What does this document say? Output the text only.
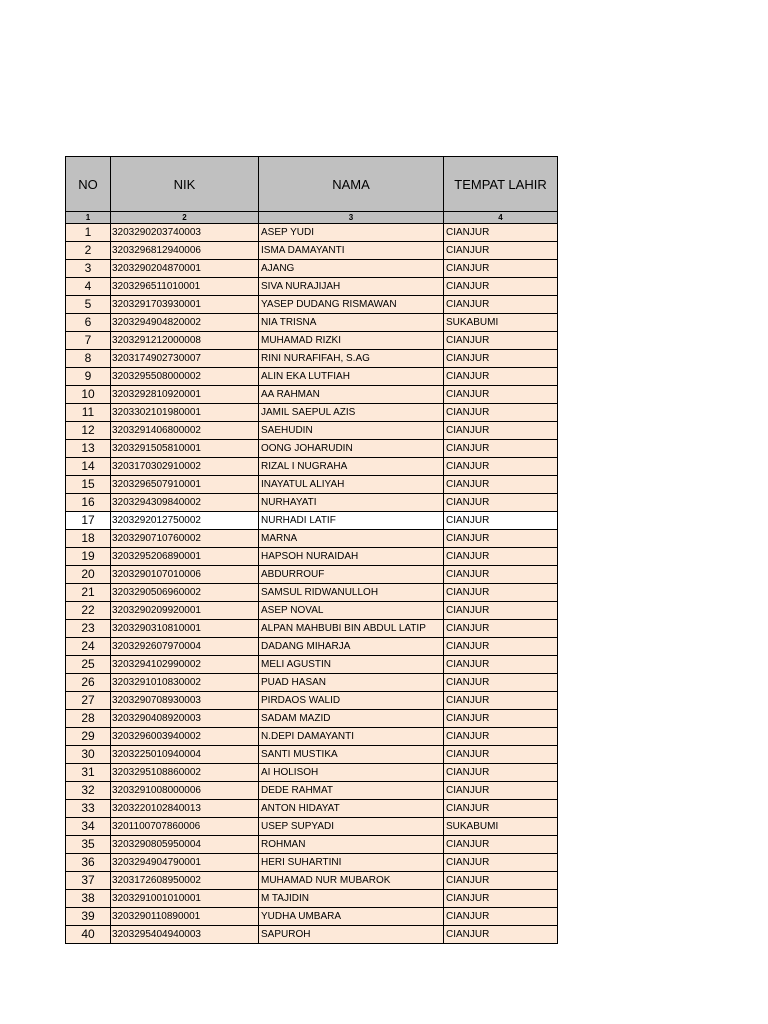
NO	NIK	NAMA	TEMPAT LAHIR
1	2	3	4
1	3203290203740003	ASEP YUDI	CIANJUR
2	3203296812940006	ISMA DAMAYANTI	CIANJUR
3	3203290204870001	AJANG	CIANJUR
4	3203296511010001	SIVA NURAJIJAH	CIANJUR
5	3203291703930001	YASEP DUDANG RISMAWAN	CIANJUR
6	3203294904820002	NIA TRISNA	SUKABUMI
7	3203291212000008	MUHAMAD RIZKI	CIANJUR
8	3203174902730007	RINI NURAFIFAH, S.AG	CIANJUR
9	3203295508000002	ALIN EKA LUTFIAH	CIANJUR
10	3203292810920001	AA RAHMAN	CIANJUR
11	3203302101980001	JAMIL SAEPUL AZIS	CIANJUR
12	3203291406800002	SAEHUDIN	CIANJUR
13	3203291505810001	OONG JOHARUDIN	CIANJUR
14	3203170302910002	RIZAL I NUGRAHA	CIANJUR
15	3203296507910001	INAYATUL ALIYAH	CIANJUR
16	3203294309840002	NURHAYATI	CIANJUR
17	3203292012750002	NURHADI LATIF	CIANJUR
18	3203290710760002	MARNA	CIANJUR
19	3203295206890001	HAPSOH NURAIDAH	CIANJUR
20	3203290107010006	ABDURROUF	CIANJUR
21	3203290506960002	SAMSUL RIDWANULLOH	CIANJUR
22	3203290209920001	ASEP NOVAL	CIANJUR
23	3203290310810001	ALPAN MAHBUBI BIN ABDUL LATIP	CIANJUR
24	3203292607970004	DADANG MIHARJA	CIANJUR
25	3203294102990002	MELI AGUSTIN	CIANJUR
26	3203291010830002	PUAD HASAN	CIANJUR
27	3203290708930003	PIRDAOS WALID	CIANJUR
28	3203290408920003	SADAM MAZID	CIANJUR
29	3203296003940002	N.DEPI DAMAYANTI	CIANJUR
30	3203225010940004	SANTI MUSTIKA	CIANJUR
31	3203295108860002	AI HOLISOH	CIANJUR
32	3203291008000006	DEDE RAHMAT	CIANJUR
33	3203220102840013	ANTON HIDAYAT	CIANJUR
34	3201100707860006	USEP SUPYADI	SUKABUMI
35	3203290805950004	ROHMAN	CIANJUR
36	3203294904790001	HERI SUHARTINI	CIANJUR
37	3203172608950002	MUHAMAD NUR MUBAROK	CIANJUR
38	3203291001010001	M TAJIDIN	CIANJUR
39	3203290110890001	YUDHA UMBARA	CIANJUR
40	3203295404940003	SAPUROH	CIANJUR
